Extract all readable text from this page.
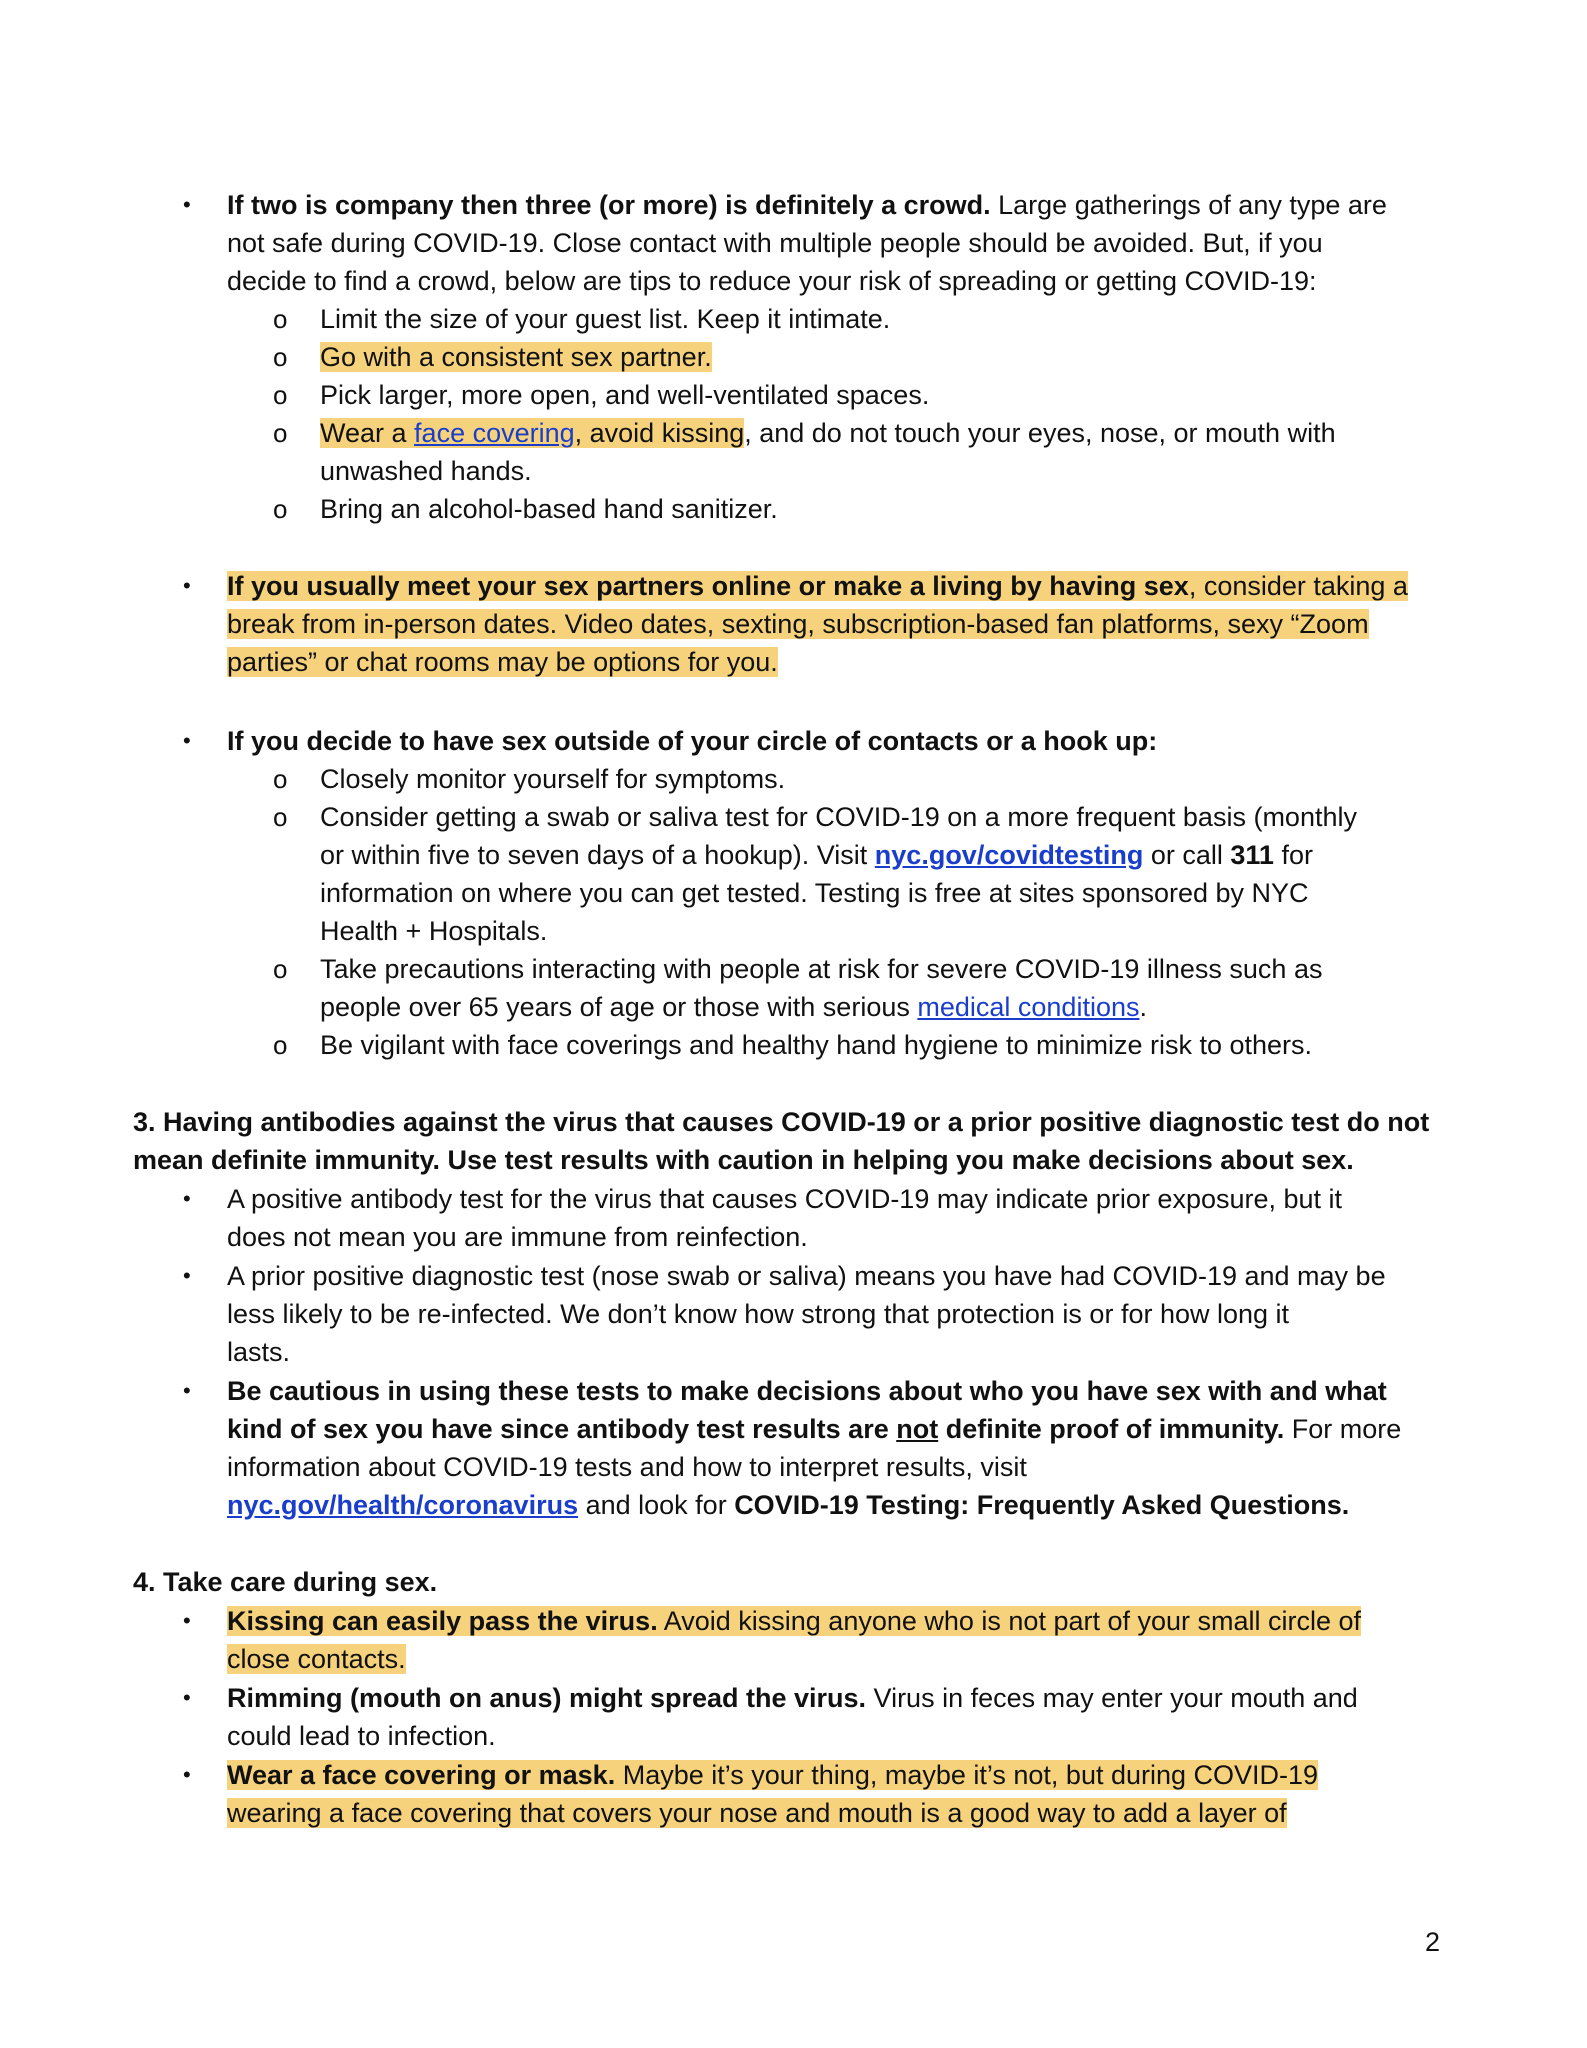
• If two is company then three (or more) is definitely a crowd. Large gatherings of any type are
not safe during COVID-19. Close contact with multiple people should be avoided. But, if you
decide to find a crowd, below are tips to reduce your risk of spreading or getting COVID-19:
o Limit the size of your guest list. Keep it intimate.
o Go with a consistent sex partner.
o Pick larger, more open, and well-ventilated spaces.
o Wear a face covering, avoid kissing, and do not touch your eyes, nose, or mouth with
unwashed hands.
o Bring an alcohol-based hand sanitizer.
• If you usually meet your sex partners online or make a living by having sex, consider taking a
break from in-person dates. Video dates, sexting, subscription-based fan platforms, sexy “Zoom
parties” or chat rooms may be options for you.
• If you decide to have sex outside of your circle of contacts or a hook up:
o Closely monitor yourself for symptoms.
o Consider getting a swab or saliva test for COVID-19 on a more frequent basis (monthly
or within five to seven days of a hookup). Visit nyc.gov/covidtesting or call 311 for
information on where you can get tested. Testing is free at sites sponsored by NYC
Health + Hospitals.
o Take precautions interacting with people at risk for severe COVID-19 illness such as
people over 65 years of age or those with serious medical conditions.
o Be vigilant with face coverings and healthy hand hygiene to minimize risk to others.
3. Having antibodies against the virus that causes COVID-19 or a prior positive diagnostic test do not
mean definite immunity. Use test results with caution in helping you make decisions about sex.
• A positive antibody test for the virus that causes COVID-19 may indicate prior exposure, but it
does not mean you are immune from reinfection.
• A prior positive diagnostic test (nose swab or saliva) means you have had COVID-19 and may be
less likely to be re-infected. We don’t know how strong that protection is or for how long it
lasts.
• Be cautious in using these tests to make decisions about who you have sex with and what
kind of sex you have since antibody test results are not definite proof of immunity. For more
information about COVID-19 tests and how to interpret results, visit
nyc.gov/health/coronavirus and look for COVID-19 Testing: Frequently Asked Questions.
4. Take care during sex.
• Kissing can easily pass the virus. Avoid kissing anyone who is not part of your small circle of
close contacts.
• Rimming (mouth on anus) might spread the virus. Virus in feces may enter your mouth and
could lead to infection.
• Wear a face covering or mask. Maybe it’s your thing, maybe it’s not, but during COVID-19
wearing a face covering that covers your nose and mouth is a good way to add a layer of
2
